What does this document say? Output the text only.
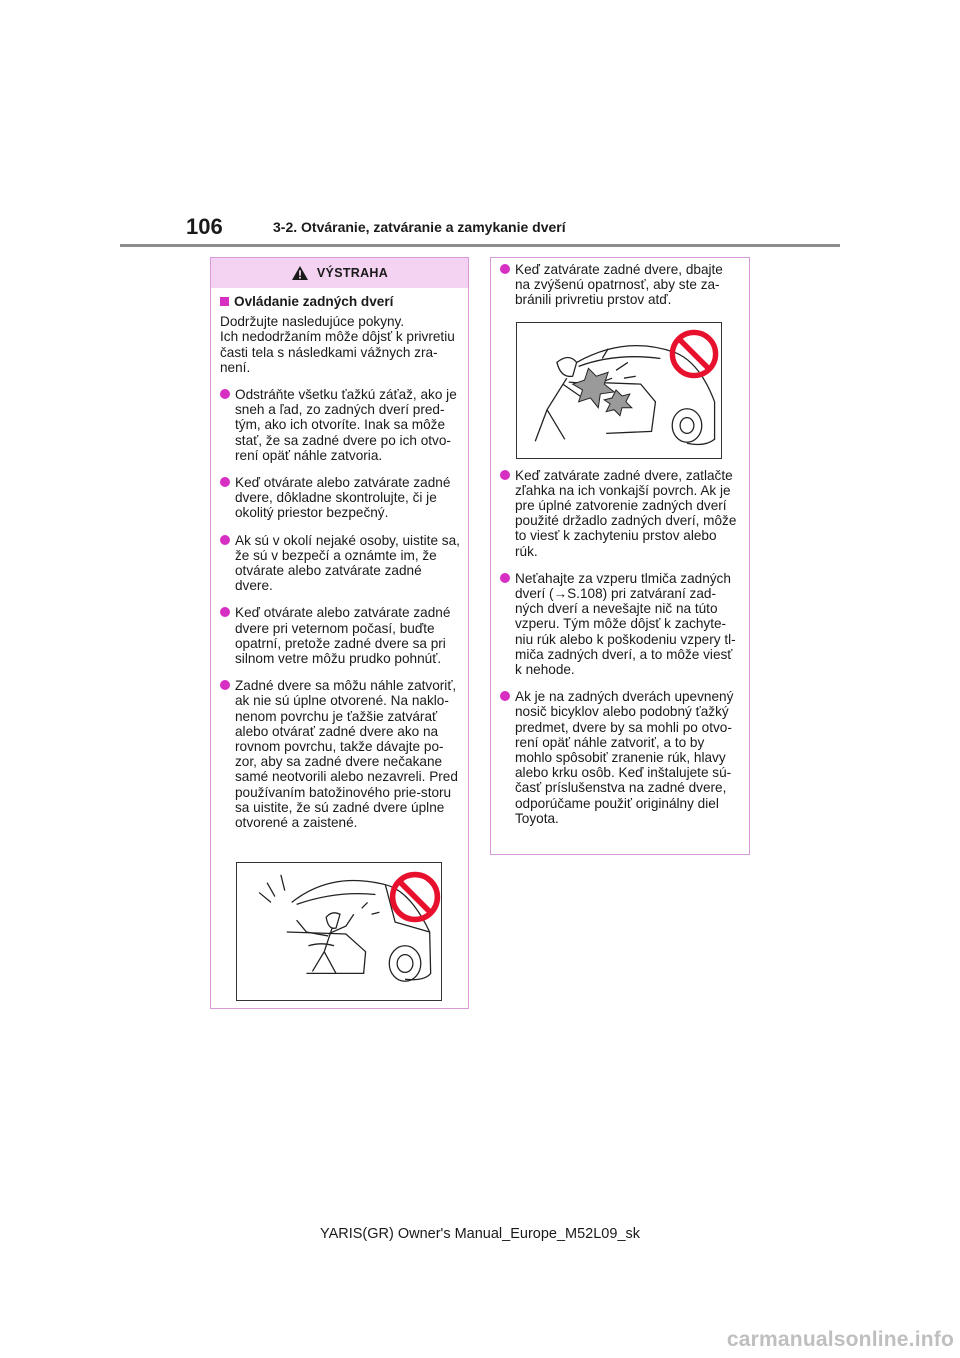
106	3-2. Otváranie, zatváranie a zamykanie dverí
VÝSTRAHA
Ovládanie zadných dverí

Dodržujte nasledujúce pokyny.
Ich nedodržaním môže dôjsť k privretiu časti tela s následkami vážnych zra-není.

Odstráňte všetku ťažkú záťaž, ako je sneh a ľad, zo zadných dverí pred-tým, ako ich otvoríte. Inak sa môže stať, že sa zadné dvere po ich otvo-rení opäť náhle zatvoria.
Keď otvárate alebo zatvárate zadné dvere, dôkladne skontrolujte, či je okolitý priestor bezpečný.
Ak sú v okolí nejaké osoby, uistite sa, že sú v bezpečí a oznámte im, že otvárate alebo zatvárate zadné dvere.
Keď otvárate alebo zatvárate zadné dvere pri veternom počasí, buďte opatrní, pretože zadné dvere sa pri silnom vetre môžu prudko pohnúť.
Zadné dvere sa môžu náhle zatvoriť, ak nie sú úplne otvorené. Na naklo-nenom povrchu je ťažšie zatvárať alebo otvárať zadné dvere ako na rovnom povrchu, takže dávajte po-zor, aby sa zadné dvere nečakane samé neotvorili alebo nezavreli. Pred používaním batožinového prie-storu sa uistite, že sú zadné dvere úplne otvorené a zaistené.
Keď zatvárate zadné dvere, dbajte na zvýšenú opatrnosť, aby ste za-bránili privretiu prstov atď.
Keď zatvárate zadné dvere, zatlačte zľahka na ich vonkajší povrch. Ak je pre úplné zatvorenie zadných dverí použité držadlo zadných dverí, môže to viesť k zachyteniu prstov alebo rúk.
Neťahajte za vzperu tlmiča zadných dverí (→S.108) pri zatváraní zad-ných dverí a nevešajte nič na túto vzperu. Tým môže dôjsť k zachyte-niu rúk alebo k poškodeniu vzpery tl-miča zadných dverí, a to môže viesť k nehode.
Ak je na zadných dverách upevnený nosič bicyklov alebo podobný ťažký predmet, dvere by sa mohli po otvo-rení opäť náhle zatvoriť, a to by mohlo spôsobiť zranenie rúk, hlavy alebo krku osôb. Keď inštalujete sú-časť príslušenstva na zadné dvere, odporúčame použiť originálny diel Toyota.
YARIS(GR) Owner's Manual_Europe_M52L09_sk
carmanualsonline.info
